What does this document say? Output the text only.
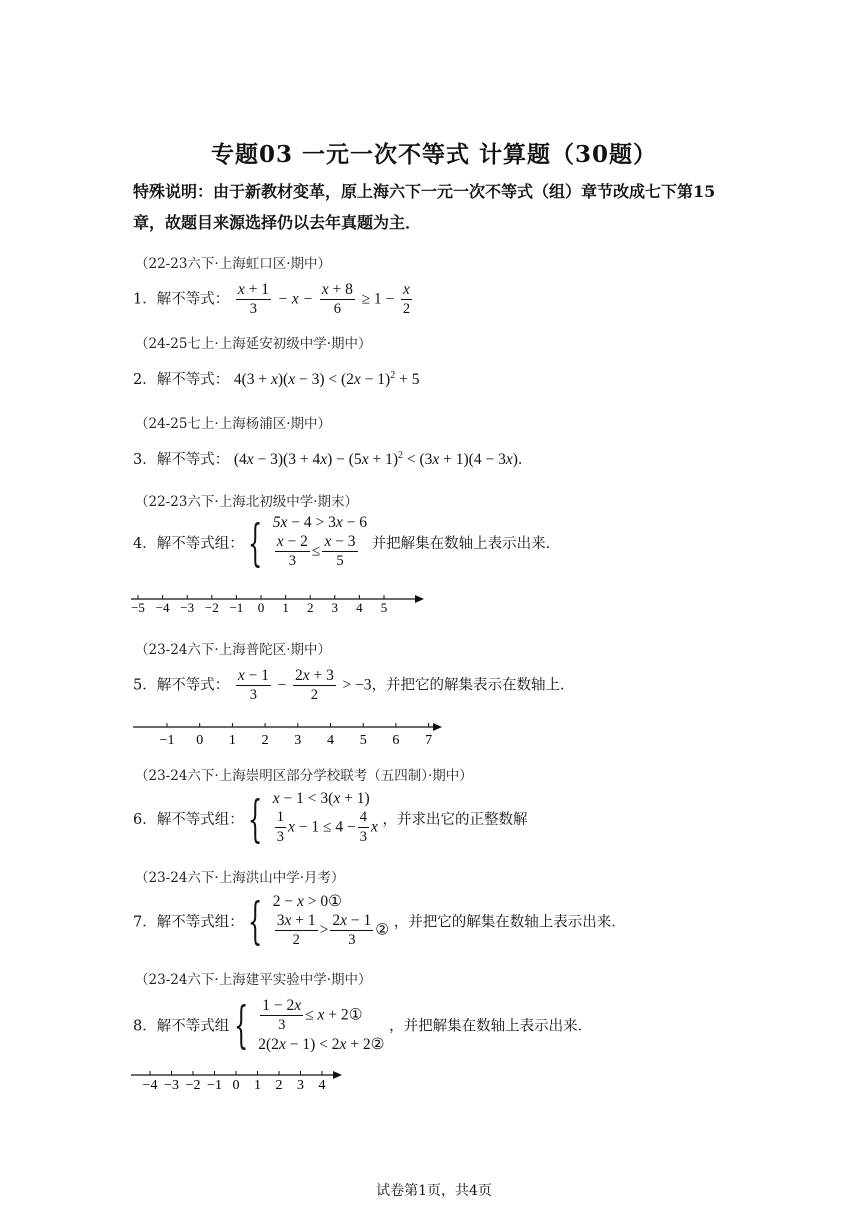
专题03 一元一次不等式 计算题（30题）
特殊说明：由于新教材变革，原上海六下一元一次不等式（组）章节改成七下第15章，故题目来源选择仍以去年真题为主．
（22-23六下·上海虹口区·期中）
1．解不等式： $\frac{x + 1}{3} - x - \frac{x + 8}{6} \ge 1 - \frac{x}{2}$
（24-25七上·上海延安初级中学·期中）
2．解不等式： $4(3 + x)(x - 3) < (2x - 1)^2 + 5$
（24-25七上·上海杨浦区·期中）
3．解不等式： $(4x - 3)(3 + 4x) - (5x + 1)^2 < (3x + 1)(4 - 3x)$．
（22-23六下·上海北初级中学·期末）
4．解不等式组： { 5x − 4 > 3x − 6
$\frac{x - 2}{3} \le \frac{x - 3}{5}$ 并把解集在数轴上表示出来．
−5 −4 −3 −2 −1 0 1 2 3 4 5
（23-24六下·上海普陀区·期中）
5．解不等式： $\frac{x - 1}{3} - \frac{2x + 3}{2} > -3$，并把它的解集表示在数轴上．
−1 0 1 2 3 4 5 6 7
（23-24六下·上海崇明区部分学校联考（五四制）·期中）
6．解不等式组： { x − 1 < 3(x + 1)
$\frac{1}{3}$ $x - 1 \le 4 - \frac{4}{3}$ x ，并求出它的正整数解
（23-24六下·上海洪山中学·月考）
7．解不等式组： { 2 − x > 0①
$\frac{3x + 1}{2} > \frac{2x - 1}{3}$ ② ，并把它的解集在数轴上表示出来．
（23-24六下·上海建平实验中学·期中）
8．解不等式组 { $\frac{1 - 2x}{3} \le x$ + 2①
2(2x − 1) < 2x + 2②
，并把解集在数轴上表示出来．
−4 −3 −2 −1 0 1 2 3 4
试卷第1页，共4页
